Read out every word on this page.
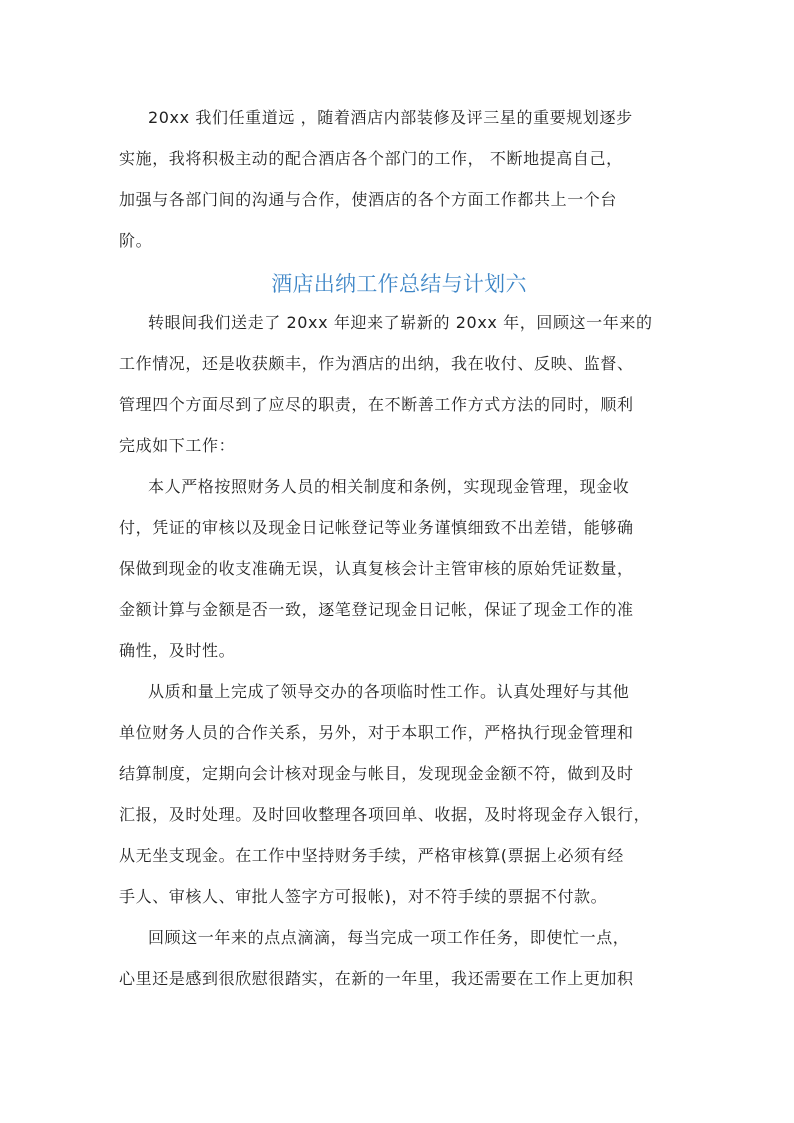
20xx 我们任重道远 ，随着酒店内部装修及评三星的重要规划逐步
实施，我将积极主动的配合酒店各个部门的工作， 不断地提高自己，
加强与各部门间的沟通与合作，使酒店的各个方面工作都共上一个台
阶。
酒店出纳工作总结与计划六
转眼间我们送走了 20xx 年迎来了崭新的 20xx 年，回顾这一年来的
工作情况，还是收获颇丰，作为酒店的出纳，我在收付、反映、监督、
管理四个方面尽到了应尽的职责，在不断善工作方式方法的同时，顺利
完成如下工作：
本人严格按照财务人员的相关制度和条例，实现现金管理，现金收
付，凭证的审核以及现金日记帐登记等业务谨慎细致不出差错，能够确
保做到现金的收支准确无误，认真复核会计主管审核的原始凭证数量，
金额计算与金额是否一致，逐笔登记现金日记帐，保证了现金工作的准
确性，及时性。
从质和量上完成了领导交办的各项临时性工作。认真处理好与其他
单位财务人员的合作关系，另外，对于本职工作，严格执行现金管理和
结算制度，定期向会计核对现金与帐目，发现现金金额不符，做到及时
汇报，及时处理。及时回收整理各项回单、收据，及时将现金存入银行，
从无坐支现金。在工作中坚持财务手续，严格审核算(票据上必须有经
手人、审核人、审批人签字方可报帐)，对不符手续的票据不付款。
回顾这一年来的点点滴滴，每当完成一项工作任务，即使忙一点，
心里还是感到很欣慰很踏实，在新的一年里，我还需要在工作上更加积
